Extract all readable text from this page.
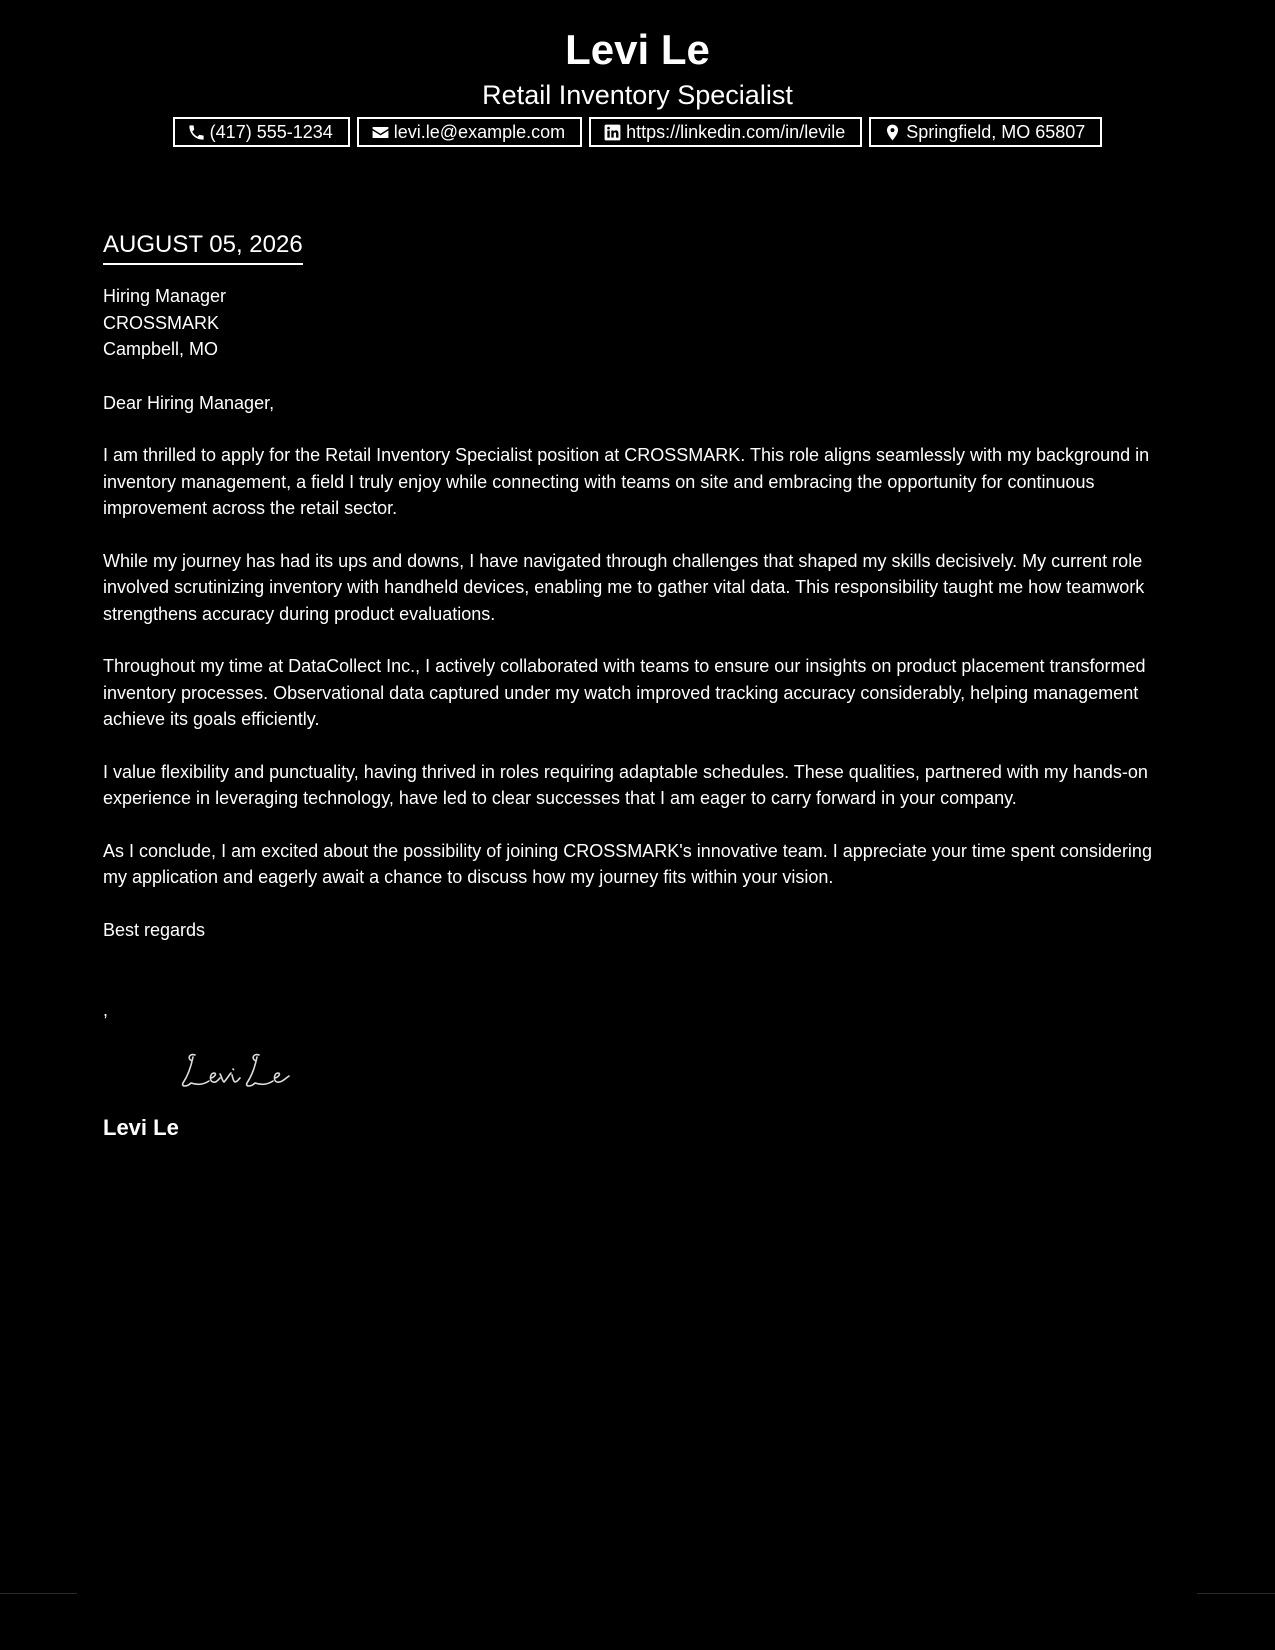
Levi Le
Retail Inventory Specialist
(417) 555-1234	levi.le@example.com	https://linkedin.com/in/levile	Springfield, MO 65807
AUGUST 05, 2026
Hiring Manager
CROSSMARK
Campbell, MO

Dear Hiring Manager,

I am thrilled to apply for the Retail Inventory Specialist position at CROSSMARK. This role aligns seamlessly with my background in inventory management, a field I truly enjoy while connecting with teams on site and embracing the opportunity for continuous improvement across the retail sector.

While my journey has had its ups and downs, I have navigated through challenges that shaped my skills decisively. My current role involved scrutinizing inventory with handheld devices, enabling me to gather vital data. This responsibility taught me how teamwork strengthens accuracy during product evaluations.

Throughout my time at DataCollect Inc., I actively collaborated with teams to ensure our insights on product placement transformed inventory processes. Observational data captured under my watch improved tracking accuracy considerably, helping management achieve its goals efficiently.

I value flexibility and punctuality, having thrived in roles requiring adaptable schedules. These qualities, partnered with my hands-on experience in leveraging technology, have led to clear successes that I am eager to carry forward in your company.

As I conclude, I am excited about the possibility of joining CROSSMARK's innovative team. I appreciate your time spent considering my application and eagerly await a chance to discuss how my journey fits within your vision.

Best regards

,
Levi Le
